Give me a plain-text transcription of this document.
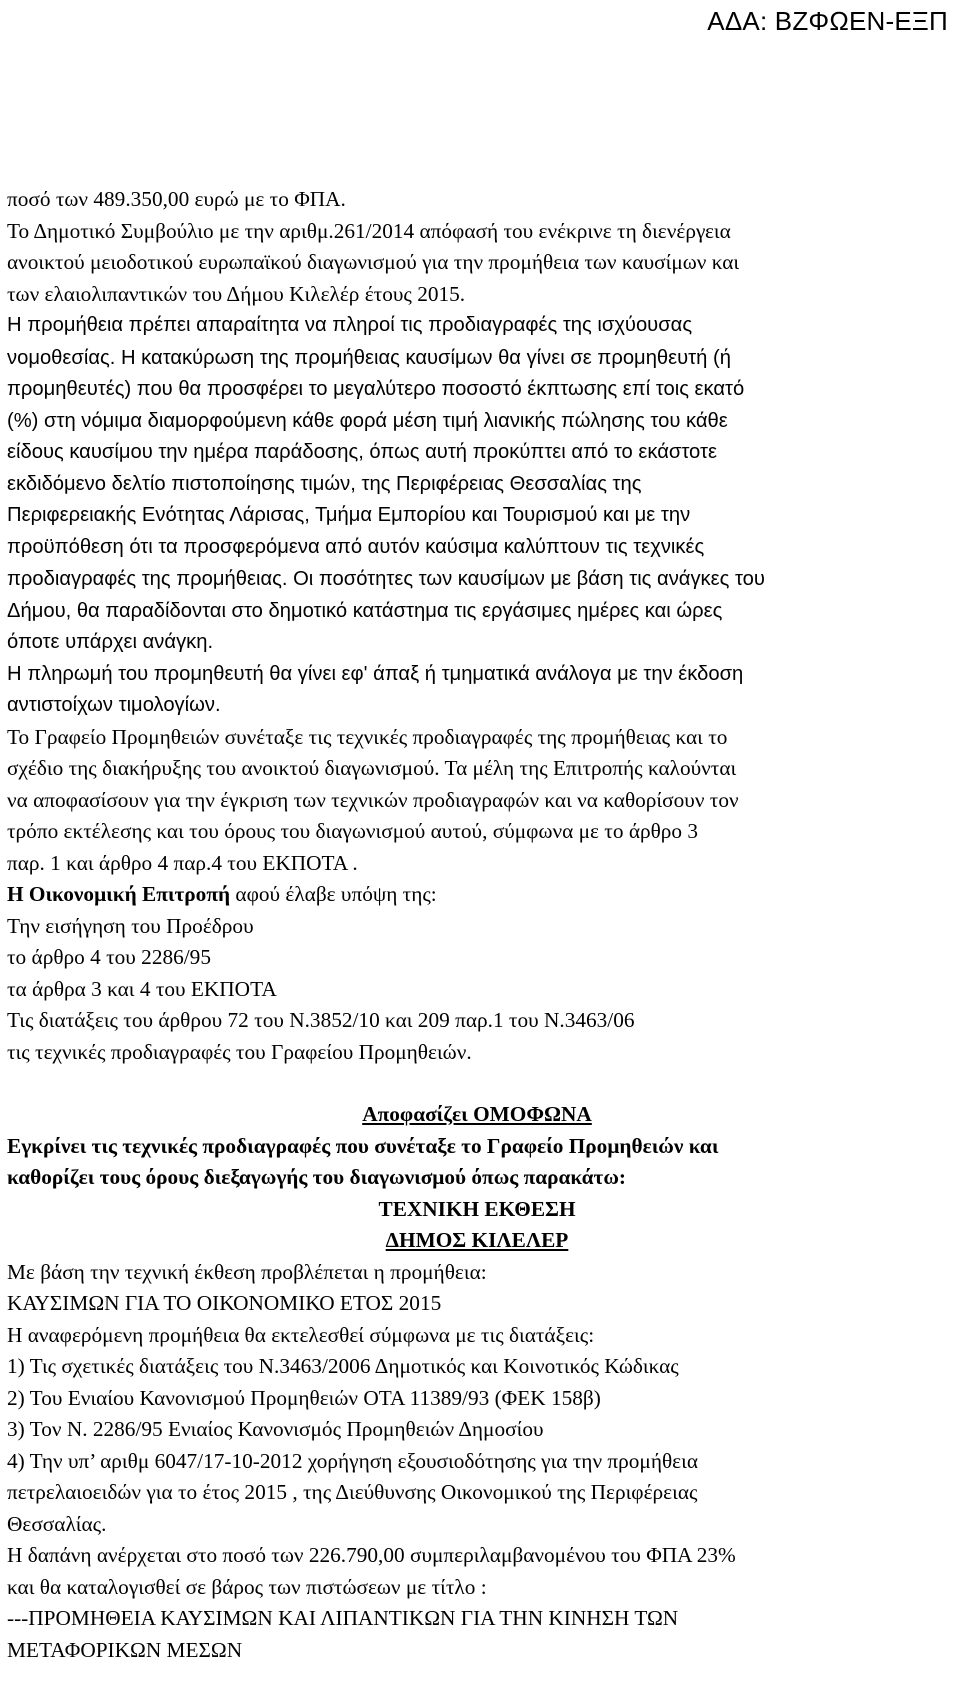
ΑΔΑ: ΒΖΦΩΕΝ-ΕΞΠ
ποσό των 489.350,00 ευρώ με το ΦΠΑ.
Το Δημοτικό Συμβούλιο με την αριθμ.261/2014 απόφασή του ενέκρινε τη διενέργεια
ανοικτού μειοδοτικού ευρωπαϊκού διαγωνισμού για την προμήθεια των καυσίμων και
των ελαιολιπαντικών του Δήμου Κιλελέρ έτους 2015.
Η προμήθεια πρέπει απαραίτητα να πληροί τις προδιαγραφές της ισχύουσας
νομοθεσίας. Η κατακύρωση της προμήθειας καυσίμων θα γίνει σε προμηθευτή (ή
προμηθευτές) που θα προσφέρει το μεγαλύτερο ποσοστό έκπτωσης επί τοις εκατό
(%) στη νόμιμα διαμορφούμενη κάθε φορά μέση τιμή λιανικής πώλησης του κάθε
είδους καυσίμου την ημέρα παράδοσης, όπως αυτή προκύπτει από το εκάστοτε
εκδιδόμενο δελτίο πιστοποίησης τιμών, της Περιφέρειας Θεσσαλίας της
Περιφερειακής Ενότητας Λάρισας, Τμήμα Εμπορίου και Τουρισμού και με την
προϋπόθεση ότι τα προσφερόμενα από αυτόν καύσιμα καλύπτουν τις τεχνικές
προδιαγραφές της προμήθειας. Οι ποσότητες των καυσίμων με βάση τις ανάγκες του
Δήμου, θα παραδίδονται στο δημοτικό κατάστημα τις εργάσιμες ημέρες και ώρες
όποτε υπάρχει ανάγκη.
Η πληρωμή του προμηθευτή θα γίνει εφ' άπαξ ή τμηματικά ανάλογα με την έκδοση
αντιστοίχων τιμολογίων.
Το Γραφείο Προμηθειών συνέταξε τις τεχνικές προδιαγραφές της προμήθειας και το
σχέδιο της διακήρυξης του ανοικτού διαγωνισμού. Τα μέλη της Επιτροπής καλούνται
να αποφασίσουν για την έγκριση των τεχνικών προδιαγραφών και να καθορίσουν τον
τρόπο εκτέλεσης και του όρους του διαγωνισμού αυτού, σύμφωνα με το άρθρο 3
παρ. 1 και άρθρο 4 παρ.4 του ΕΚΠΟΤΑ .
Η Οικονομική Επιτροπή αφού έλαβε υπόψη της:
Την εισήγηση του Προέδρου
το άρθρο 4 του 2286/95
τα άρθρα 3 και 4 του ΕΚΠΟΤΑ
Τις διατάξεις του άρθρου 72 του Ν.3852/10 και 209 παρ.1 του Ν.3463/06
τις τεχνικές προδιαγραφές του Γραφείου Προμηθειών.
Αποφασίζει ΟΜΟΦΩΝΑ
Εγκρίνει τις τεχνικές προδιαγραφές που συνέταξε το Γραφείο Προμηθειών και
καθορίζει τους όρους διεξαγωγής του διαγωνισμού όπως παρακάτω:
ΤΕΧΝΙΚΗ ΕΚΘΕΣΗ
ΔΗΜΟΣ ΚΙΛΕΛΕΡ
Με βάση την τεχνική έκθεση προβλέπεται η προμήθεια:
ΚΑΥΣΙΜΩΝ ΓΙΑ ΤΟ ΟΙΚΟΝΟΜΙΚΟ ΕΤΟΣ 2015
Η αναφερόμενη προμήθεια θα εκτελεσθεί σύμφωνα με τις διατάξεις:
1) Τις σχετικές διατάξεις του Ν.3463/2006 Δημοτικός και Κοινοτικός Κώδικας
2) Του Ενιαίου Κανονισμού Προμηθειών ΟΤΑ 11389/93 (ΦΕΚ 158β)
3) Τον Ν. 2286/95 Ενιαίος Κανονισμός Προμηθειών Δημοσίου
4) Την υπ’ αριθμ 6047/17-10-2012 χορήγηση εξουσιοδότησης για την προμήθεια
πετρελαιοειδών για το έτος 2015 , της Διεύθυνσης Οικονομικού της Περιφέρειας
Θεσσαλίας.
Η δαπάνη ανέρχεται στο ποσό των 226.790,00 συμπεριλαμβανομένου του ΦΠΑ 23%
και θα καταλογισθεί σε βάρος των πιστώσεων με τίτλο :
---ΠΡΟΜΗΘΕΙΑ ΚΑΥΣΙΜΩΝ ΚΑΙ ΛΙΠΑΝΤΙΚΩΝ ΓΙΑ ΤΗΝ ΚΙΝΗΣΗ ΤΩΝ
ΜΕΤΑΦΟΡΙΚΩΝ ΜΕΣΩΝ
